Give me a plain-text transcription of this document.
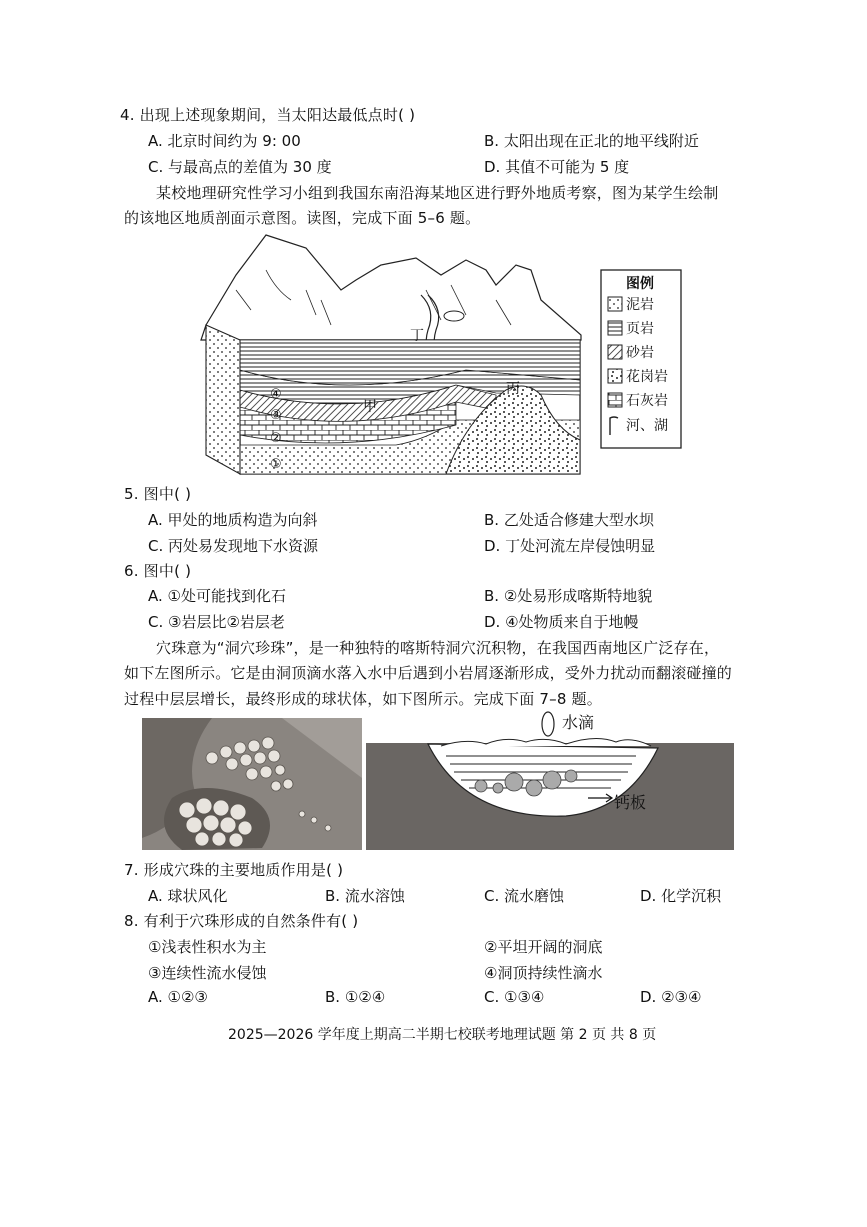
4. 出现上述现象期间，当太阳达最低点时( )
A. 北京时间约为 9: 00	B. 太阳出现在正北的地平线附近
C. 与最高点的差值为 30 度	D. 其值不可能为 5 度
某校地理研究性学习小组到我国东南沿海某地区进行野外地质考察，图为某学生绘制
的该地区地质剖面示意图。读图，完成下面 5–6 题。
甲
丙
丁
④
③
②
①
图例
泥岩
页岩
砂岩
花岗岩
石灰岩
河、湖
5. 图中( )
A. 甲处的地质构造为向斜	B. 乙处适合修建大型水坝
C. 丙处易发现地下水资源	D. 丁处河流左岸侵蚀明显
6. 图中( )
A. ①处可能找到化石	B. ②处易形成喀斯特地貌
C. ③岩层比②岩层老	D. ④处物质来自于地幔
穴珠意为“洞穴珍珠”，是一种独特的喀斯特洞穴沉积物，在我国西南地区广泛存在，
如下左图所示。它是由洞顶滴水落入水中后遇到小岩屑逐渐形成，受外力扰动而翻滚碰撞的
过程中层层增长，最终形成的球状体，如下图所示。完成下面 7–8 题。
水滴
钙板
7. 形成穴珠的主要地质作用是( )
A. 球状风化	B. 流水溶蚀	C. 流水磨蚀	D. 化学沉积
8. 有利于穴珠形成的自然条件有( )
①浅表性积水为主	②平坦开阔的洞底
③连续性流水侵蚀	④洞顶持续性滴水
A. ①②③	B. ①②④	C. ①③④	D. ②③④
2025—2026 学年度上期高二半期七校联考地理试题 第 2 页 共 8 页
